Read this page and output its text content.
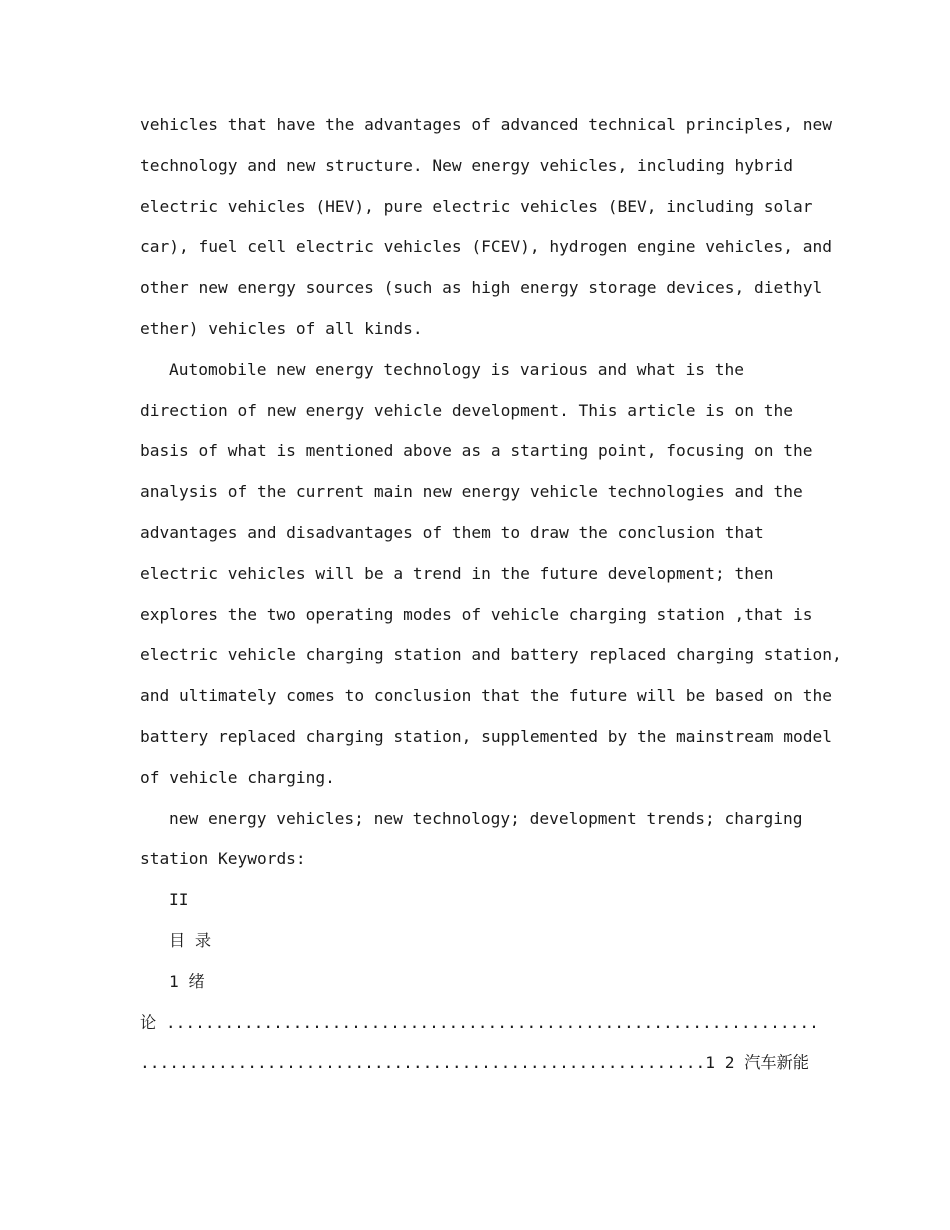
vehicles that have the advantages of advanced technical principles, new
technology and new structure. New energy vehicles, including hybrid
electric vehicles (HEV), pure electric vehicles (BEV, including solar
car), fuel cell electric vehicles (FCEV), hydrogen engine vehicles, and
other new energy sources (such as high energy storage devices, diethyl
ether) vehicles of all kinds.
Automobile new energy technology is various and what is the
direction of new energy vehicle development. This article is on the
basis of what is mentioned above as a starting point, focusing on the
analysis of the current main new energy vehicle technologies and the
advantages and disadvantages of them to draw the conclusion that
electric vehicles will be a trend in the future development; then
explores the two operating modes of vehicle charging station ,that is
electric vehicle charging station and battery replaced charging station,
and ultimately comes to conclusion that the future will be based on the
battery replaced charging station, supplemented by the mainstream model
of vehicle charging.
new energy vehicles; new technology; development trends; charging
station Keywords:
II
目 录
1 绪
论 ...................................................................
..........................................................1 2 汽车新能
